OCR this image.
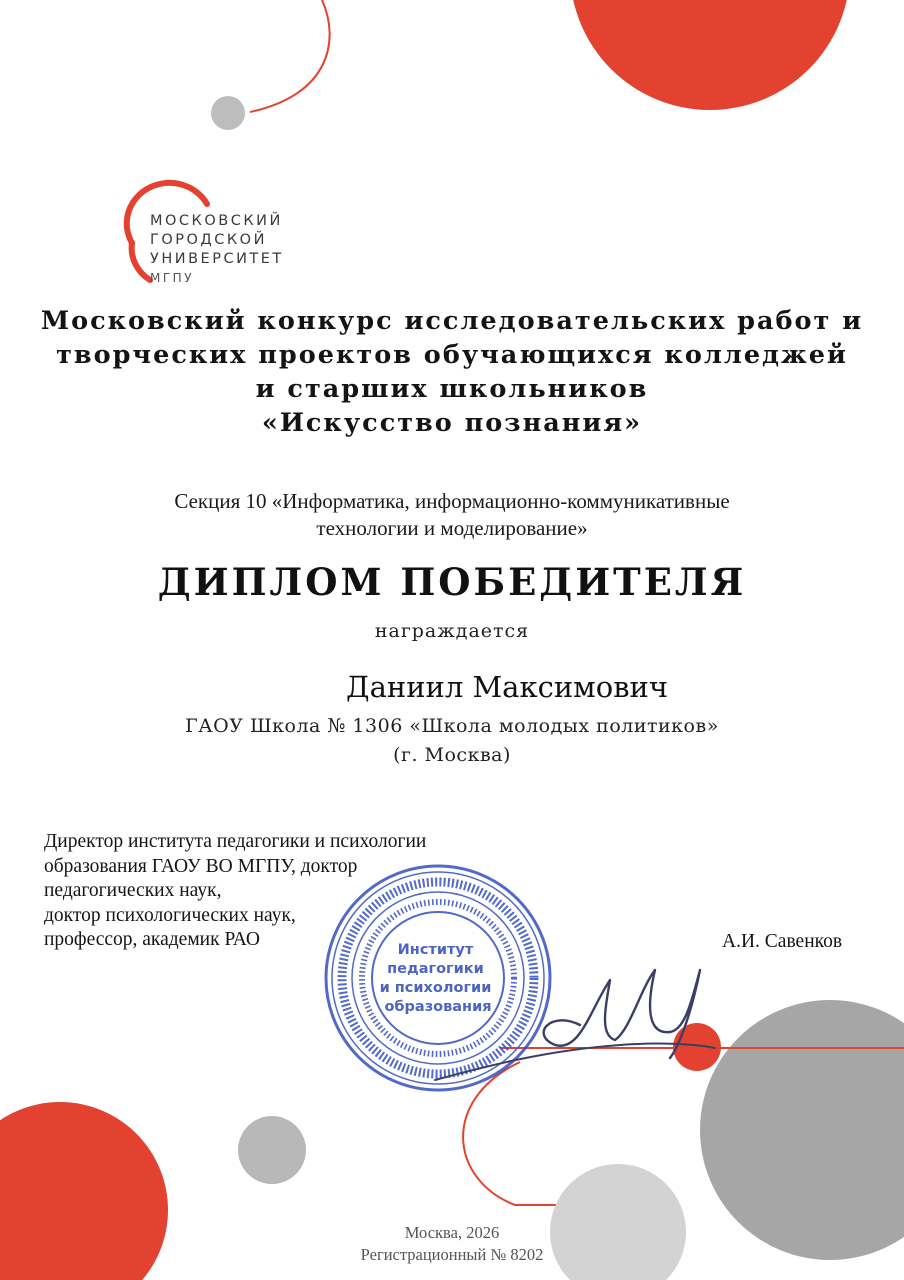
МОСКОВСКИЙ
ГОРОДСКОЙ
УНИВЕРСИТЕТ
МГПУ
Московский конкурс исследовательских работ и
творческих проектов обучающихся колледжей
и старших школьников
«Искусство познания»
Секция 10 «Информатика, информационно-коммуникативные
технологии и моделирование»
ДИПЛОМ ПОБЕДИТЕЛЯ
награждается
Даниил Максимович
ГАОУ Школа № 1306 «Школа молодых политиков»
(г. Москва)
Директор института педагогики и психологии
образования ГАОУ ВО МГПУ, доктор
педагогических наук,
доктор психологических наук,
профессор, академик РАО	Институт педагогики и психологии образования
А.И. Савенков
Москва, 2026
Регистрационный № 8202
